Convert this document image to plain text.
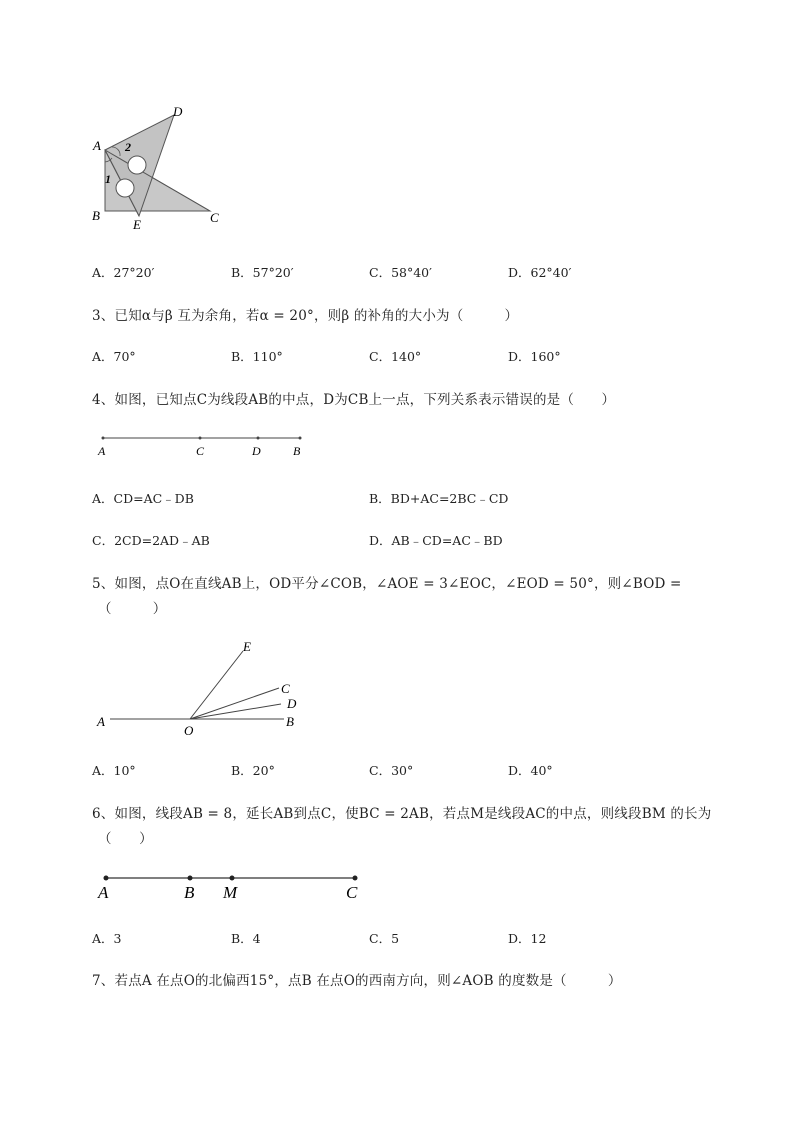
A
B	C
D
E
1
2
A．27°20′	B．57°20′	C．58°40′	D．62°40′
3、已知α与β 互为余角，若α = 20°，则β 的补角的大小为（　　　）
A．70°	B．110°	C．140°	D．160°
4、如图，已知点C为线段AB的中点，D为CB上一点，下列关系表示错误的是（　　）
A	C	D	B
A．CD=AC﹣DB	B．BD+AC=2BC﹣CD
C．2CD=2AD﹣AB	D．AB﹣CD=AC﹣BD
5、如图，点O在直线AB上，OD平分∠COB，∠AOE = 3∠EOC，∠EOD = 50°，则∠BOD =
（　　　）
A
O
B
C
D
E
A．10°	B．20°	C．30°	D．40°
6、如图，线段AB = 8，延长AB到点C，使BC = 2AB，若点M是线段AC的中点，则线段BM 的长为
（　　）
A	B M	C
A．3	B．4	C．5	D．12
7、若点A 在点O的北偏西15°，点B 在点O的西南方向，则∠AOB 的度数是（　　　）
